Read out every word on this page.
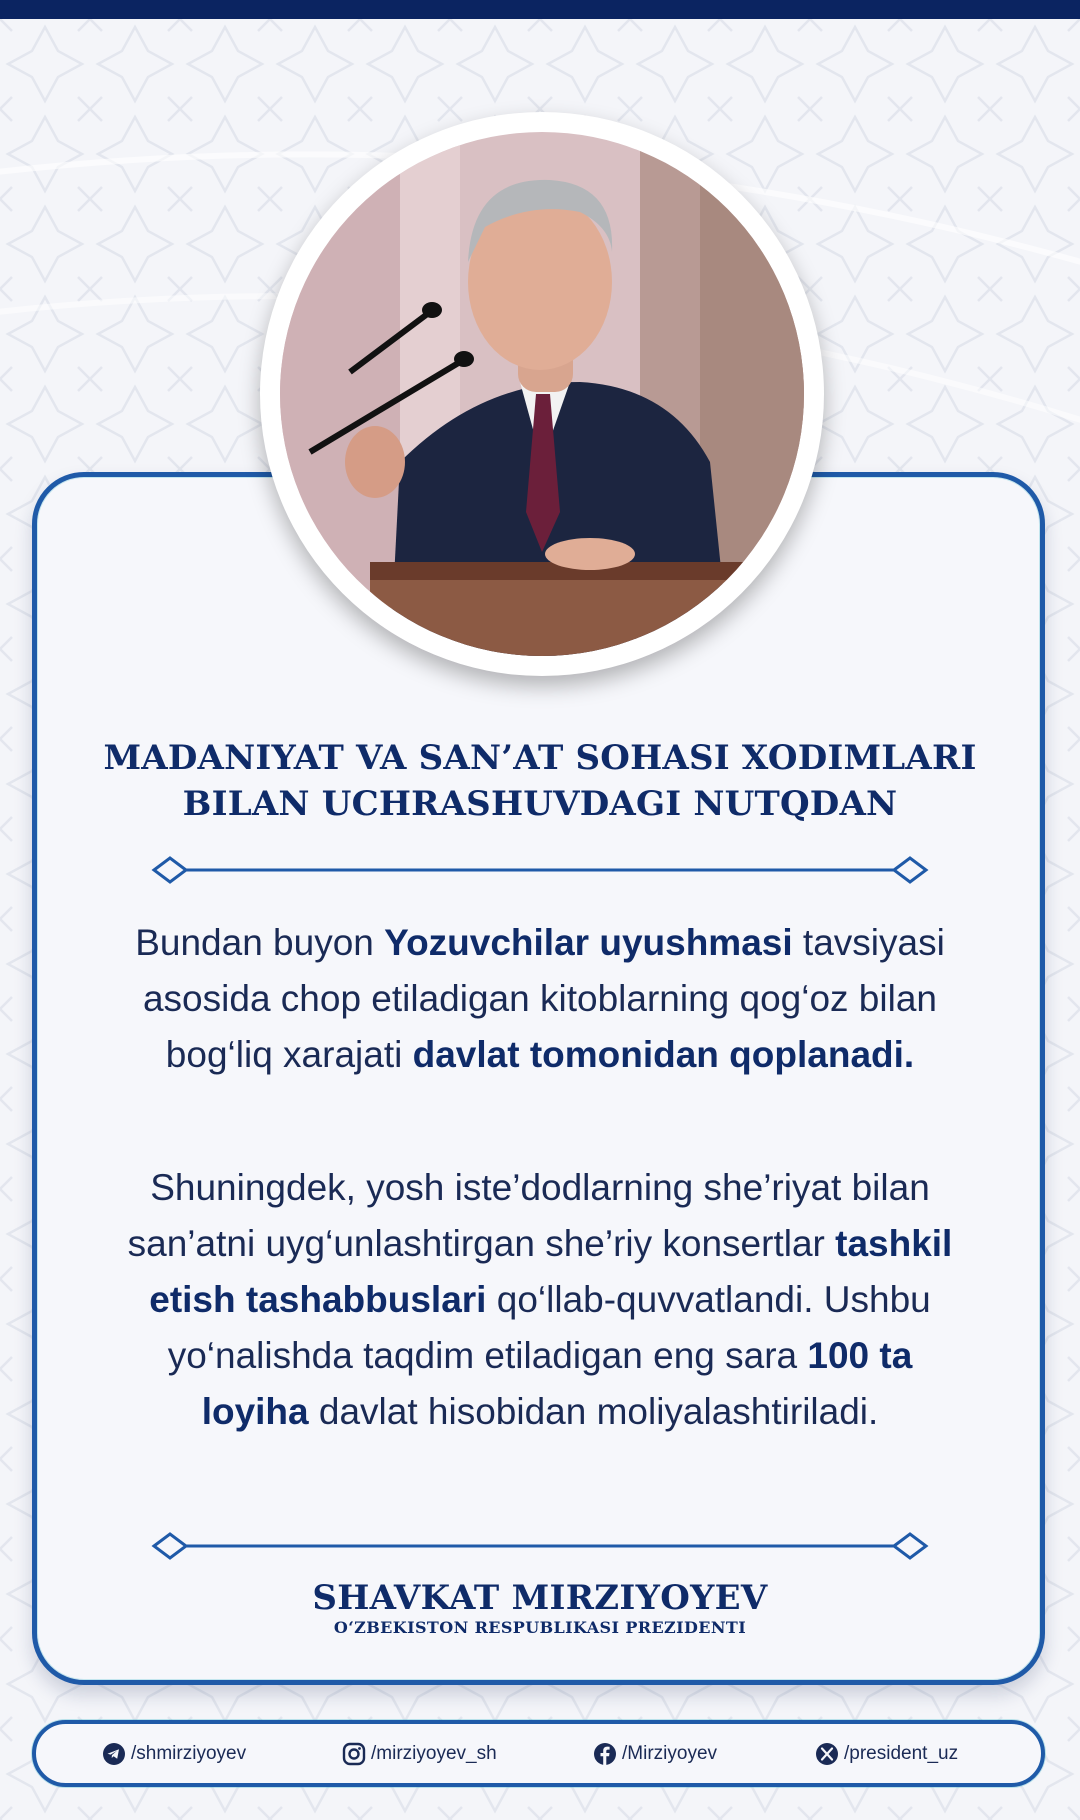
MADANIYAT VA SAN’AT SOHASI XODIMLARI
BILAN UCHRASHUVDAGI NUTQDAN

Bundan buyon Yozuvchilar uyushmasi tavsiyasi asosida chop etiladigan kitoblarning qog‘oz bilan bog‘liq xarajati davlat tomonidan qoplanadi.

Shuningdek, yosh iste’dodlarning she’riyat bilan san’atni uyg‘unlashtirgan she’riy konsertlar tashkil etish tashabbuslari qo‘llab-quvvatlandi. Ushbu yo‘nalishda taqdim etiladigan eng sara 100 ta loyiha davlat hisobidan moliyalashtiriladi.

SHAVKAT MIRZIYOYEV
O‘ZBEKISTON RESPUBLIKASI PREZIDENTI
/shmirziyoyev	/mirziyoyev_sh	/Mirziyoyev	/president_uz
